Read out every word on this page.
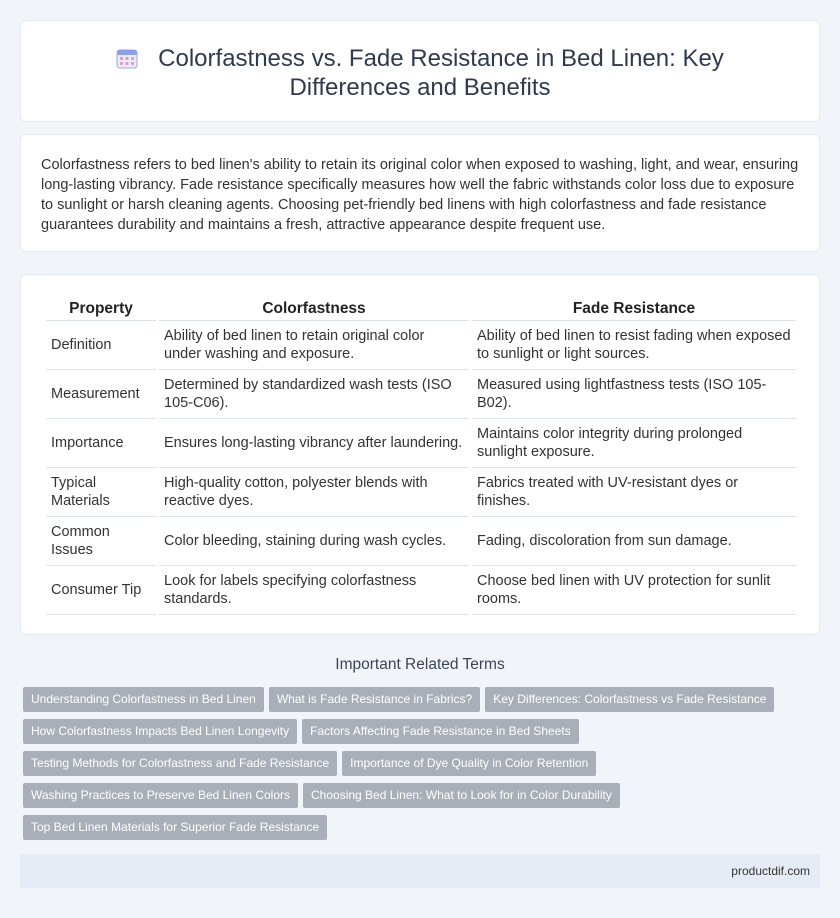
Colorfastness vs. Fade Resistance in Bed Linen: Key Differences and Benefits

Colorfastness refers to bed linen's ability to retain its original color when exposed to washing, light, and wear, ensuring long-lasting vibrancy. Fade resistance specifically measures how well the fabric withstands color loss due to exposure to sunlight or harsh cleaning agents. Choosing pet-friendly bed linens with high colorfastness and fade resistance guarantees durability and maintains a fresh, attractive appearance despite frequent use.

Property	Colorfastness	Fade Resistance
Definition	Ability of bed linen to retain original color under washing and exposure.	Ability of bed linen to resist fading when exposed to sunlight or light sources.
Measurement	Determined by standardized wash tests (ISO 105-C06).	Measured using lightfastness tests (ISO 105-B02).
Importance	Ensures long-lasting vibrancy after laundering.	Maintains color integrity during prolonged sunlight exposure.
Typical Materials	High-quality cotton, polyester blends with reactive dyes.	Fabrics treated with UV-resistant dyes or finishes.
Common Issues	Color bleeding, staining during wash cycles.	Fading, discoloration from sun damage.
Consumer Tip	Look for labels specifying colorfastness standards.	Choose bed linen with UV protection for sunlit rooms.
Important Related Terms
Understanding Colorfastness in Bed Linen What is Fade Resistance in Fabrics? Key Differences: Colorfastness vs Fade Resistance
How Colorfastness Impacts Bed Linen Longevity Factors Affecting Fade Resistance in Bed Sheets
Testing Methods for Colorfastness and Fade Resistance Importance of Dye Quality in Color Retention
Washing Practices to Preserve Bed Linen Colors Choosing Bed Linen: What to Look for in Color Durability
Top Bed Linen Materials for Superior Fade Resistance
productdif.com
